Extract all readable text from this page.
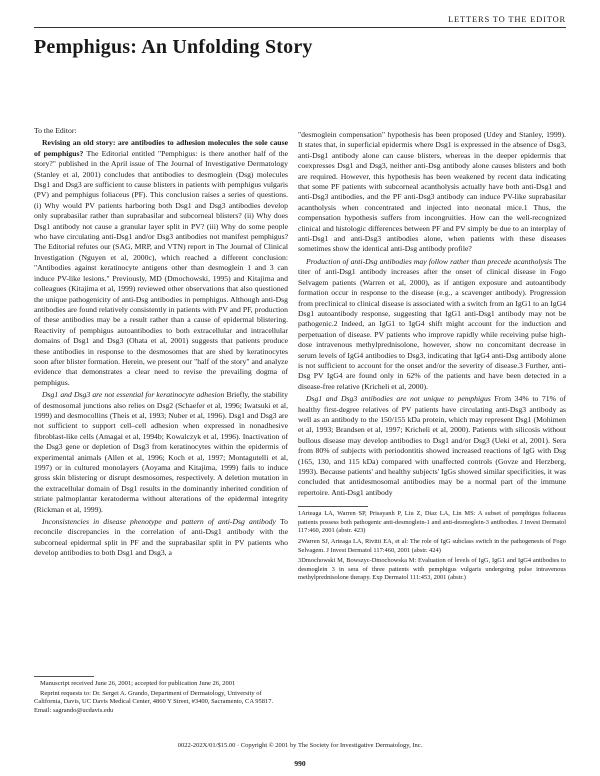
LETTERS TO THE EDITOR
Pemphigus: An Unfolding Story

To the Editor:

Revising an old story: are antibodies to adhesion molecules the sole cause of pemphigus? The Editorial entitled "Pemphigus: is there another half of the story?" published in the April issue of The Journal of Investigative Dermatology (Stanley et al, 2001) concludes that antibodies to desmoglein (Dsg) molecules Dsg1 and Dsg3 are sufficient to cause blisters in patients with pemphigus vulgaris (PV) and pemphigus foliaceus (PF). This conclusion raises a series of questions. (i) Why would PV patients harboring both Dsg1 and Dsg3 antibodies develop only suprabasilar rather than suprabasilar and subcorneal blisters? (ii) Why does Dsg1 antibody not cause a granular layer split in PV? (iii) Why do some people who have circulating anti-Dsg1 and/or Dsg3 antibodies not manifest pemphigus? The Editorial refutes our (SAG, MRP, and VTN) report in The Journal of Clinical Investigation (Nguyen et al, 2000c), which reached a different conclusion: "Antibodies against keratinocyte antigens other than desmoglein 1 and 3 can induce PV-like lesions." Previously, MD (Dmochowski, 1995) and Kitajima and colleagues (Kitajima et al, 1999) reviewed other observations that also questioned the unique pathogenicity of anti-Dsg antibodies in pemphigus. Although anti-Dsg antibodies are found relatively consistently in patients with PV and PF, production of these antibodies may be a result rather than a cause of epidermal blistering. Reactivity of pemphigus autoantibodies to both extracellular and intracellular domains of Dsg1 and Dsg3 (Ohata et al, 2001) suggests that patients produce these antibodies in response to the desmosomes that are shed by keratinocytes soon after blister formation. Herein, we present our "half of the story" and analyze evidence that demonstrates a clear need to revise the prevailing dogma of pemphigus.

Dsg1 and Dsg3 are not essential for keratinocyte adhesion Briefly, the stability of desmosomal junctions also relies on Dsg2 (Schaefer et al, 1996; Iwatsuki et al, 1999) and desmocollins (Theis et al, 1993; Nuber et al, 1996). Dsg1 and Dsg3 are not sufficient to support cell–cell adhesion when expressed in nonadhesive fibroblast-like cells (Amagai et al, 1994b; Kowalczyk et al, 1996). Inactivation of the Dsg3 gene or depletion of Dsg3 from keratinocytes within the epidermis of experimental animals (Allen et al, 1996; Koch et al, 1997; Montagutelli et al, 1997) or in cultured monolayers (Aoyama and Kitajima, 1999) fails to induce gross skin blistering or disrupt desmosomes, respectively. A deletion mutation in the extracellular domain of Dsg1 results in the dominantly inherited condition of striate palmoplantar keratoderma without alterations of the epidermal integrity (Rickman et al, 1999).

Inconsistencies in disease phenotype and pattern of anti-Dsg antibody To reconcile discrepancies in the correlation of anti-Dsg1 antibody with the subcorneal epidermal split in PF and the suprabasilar split in PV patients who develop antibodies to both Dsg1 and Dsg3, a

Manuscript received June 26, 2001; accepted for publication June 26, 2001

Reprint requests to: Dr. Sergei A. Grando, Department of Dermatology, University of California, Davis, UC Davis Medical Center, 4860 Y Street, #3400, Sacramento, CA 95817. Email: sagrando@ucdavis.edu

"desmoglein compensation" hypothesis has been proposed (Udey and Stanley, 1999). It states that, in superficial epidermis where Dsg1 is expressed in the absence of Dsg3, anti-Dsg1 antibody alone can cause blisters, whereas in the deeper epidermis that coexpresses Dsg1 and Dsg3, neither anti-Dsg antibody alone causes blisters and both are required. However, this hypothesis has been weakened by recent data indicating that some PF patients with subcorneal acantholysis actually have both anti-Dsg1 and anti-Dsg3 antibodies, and the PF anti-Dsg3 antibody can induce PV-like suprabasilar acantholysis when concentrated and injected into neonatal mice.1 Thus, the compensation hypothesis suffers from incongruities. How can the well-recognized clinical and histologic differences between PF and PV simply be due to an interplay of anti-Dsg1 and anti-Dsg3 antibodies alone, when patients with these diseases sometimes show the identical anti-Dsg antibody profile?

Production of anti-Dsg antibodies may follow rather than precede acantholysis The titer of anti-Dsg1 antibody increases after the onset of clinical disease in Fogo Selvagem patients (Warren et al, 2000), as if antigen exposure and autoantibody formation occur in response to the disease (e.g., a scavenger antibody). Progression from preclinical to clinical disease is associated with a switch from an IgG1 to an IgG4 Dsg1 autoantibody response, suggesting that IgG1 anti-Dsg1 antibody may not be pathogenic.2 Indeed, an IgG1 to IgG4 shift might account for the induction and perpetuation of disease. PV patients who improve rapidly while receiving pulse high-dose intravenous methylprednisolone, however, show no concomitant decrease in serum levels of IgG4 antibodies to Dsg3, indicating that IgG4 anti-Dsg antibody alone is not sufficient to account for the onset and/or the severity of disease.3 Further, anti-Dsg PV IgG4 are found only in 62% of the patients and have been detected in a disease-free relative (Kricheli et al, 2000).

Dsg1 and Dsg3 antibodies are not unique to pemphigus From 34% to 71% of healthy first-degree relatives of PV patients have circulating anti-Dsg3 antibody as well as an antibody to the 150/155 kDa protein, which may represent Dsg1 (Mohimen et al, 1993; Brandsen et al, 1997; Kricheli et al, 2000). Patients with silicosis without bullous disease may develop antibodies to Dsg1 and/or Dsg3 (Ueki et al, 2001). Sera from 80% of subjects with periodontitis showed increased reactions of IgG with Dsg (165, 130, and 115 kDa) compared with unaffected controls (Govze and Herzberg, 1993). Because patients' and healthy subjects' IgGs showed similar specificities, it was concluded that antidesmosomal antibodies may be a normal part of the immune repertoire. Anti-Dsg1 antibody

1Arteaga LA, Warren SP, Prisayanh P, Liu Z, Diaz LA, Lin MS: A subset of pemphigus foliaceus patients possess both pathogenic anti-desmoglein-1 and anti-desmoglein-3 antibodies. J Invest Dermatol 117:460, 2001 (abstr. 423)

2Warren SJ, Arteaga LA, Rivitti EA, et al: The role of IgG subclass switch in the pathogenesis of Fogo Selvagem. J Invest Dermatol 117:460, 2001 (abstr. 424)

3Dmochowski M, Bowszyc-Dmochowska M: Evaluation of levels of IgG, IgG1 and IgG4 antibodies to desmoglein 3 in sera of three patients with pemphigus vulgaris undergoing pulse intravenous methylprednisolone therapy. Exp Dermatol 111:453, 2001 (abstr.)

0022-202X/01/$15.00 · Copyright © 2001 by The Society for Investigative Dermatology, Inc.
990
